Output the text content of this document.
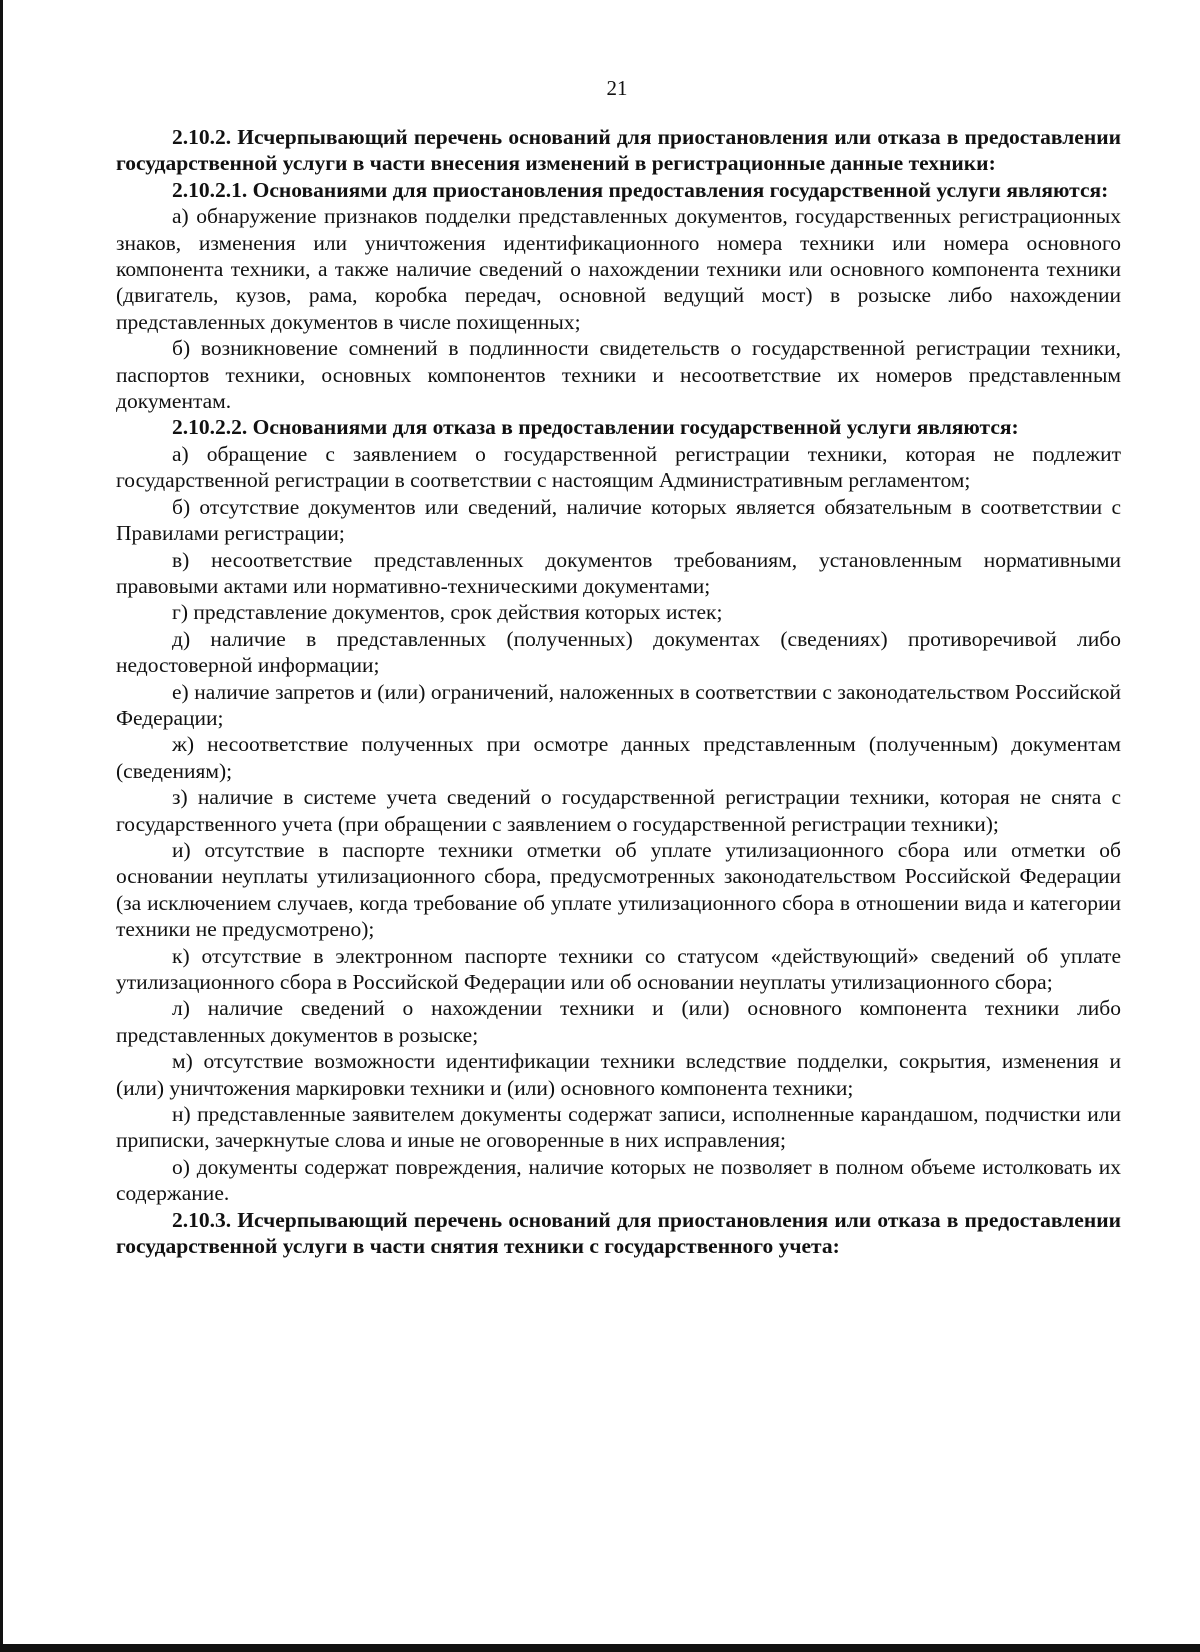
21

2.10.2. Исчерпывающий перечень оснований для приостановления или отказа в предоставлении государственной услуги в части внесения изменений в регистрационные данные техники:

2.10.2.1. Основаниями для приостановления предоставления государственной услуги являются:

а) обнаружение признаков подделки представленных документов, государственных регистрационных знаков, изменения или уничтожения идентификационного номера техники или номера основного компонента техники, а также наличие сведений о нахождении техники или основного компонента техники (двигатель, кузов, рама, коробка передач, основной ведущий мост) в розыске либо нахождении представленных документов в числе похищенных;

б) возникновение сомнений в подлинности свидетельств о государственной регистрации техники, паспортов техники, основных компонентов техники и несоответствие их номеров представленным документам.

2.10.2.2. Основаниями для отказа в предоставлении государственной услуги являются:

а) обращение с заявлением о государственной регистрации техники, которая не подлежит государственной регистрации в соответствии с настоящим Административным регламентом;

б) отсутствие документов или сведений, наличие которых является обязательным в соответствии с Правилами регистрации;

в) несоответствие представленных документов требованиям, установленным нормативными правовыми актами или нормативно-техническими документами;

г) представление документов, срок действия которых истек;

д) наличие в представленных (полученных) документах (сведениях) противоречивой либо недостоверной информации;

е) наличие запретов и (или) ограничений, наложенных в соответствии с законодательством Российской Федерации;

ж) несоответствие полученных при осмотре данных представленным (полученным) документам (сведениям);

з) наличие в системе учета сведений о государственной регистрации техники, которая не снята с государственного учета (при обращении с заявлением о государственной регистрации техники);

и) отсутствие в паспорте техники отметки об уплате утилизационного сбора или отметки об основании неуплаты утилизационного сбора, предусмотренных законодательством Российской Федерации (за исключением случаев, когда требование об уплате утилизационного сбора в отношении вида и категории техники не предусмотрено);

к) отсутствие в электронном паспорте техники со статусом «действующий» сведений об уплате утилизационного сбора в Российской Федерации или об основании неуплаты утилизационного сбора;

л) наличие сведений о нахождении техники и (или) основного компонента техники либо представленных документов в розыске;

м) отсутствие возможности идентификации техники вследствие подделки, сокрытия, изменения и (или) уничтожения маркировки техники и (или) основного компонента техники;

н) представленные заявителем документы содержат записи, исполненные карандашом, подчистки или приписки, зачеркнутые слова и иные не оговоренные в них исправления;

о) документы содержат повреждения, наличие которых не позволяет в полном объеме истолковать их содержание.

2.10.3. Исчерпывающий перечень оснований для приостановления или отказа в предоставлении государственной услуги в части снятия техники с государственного учета:
